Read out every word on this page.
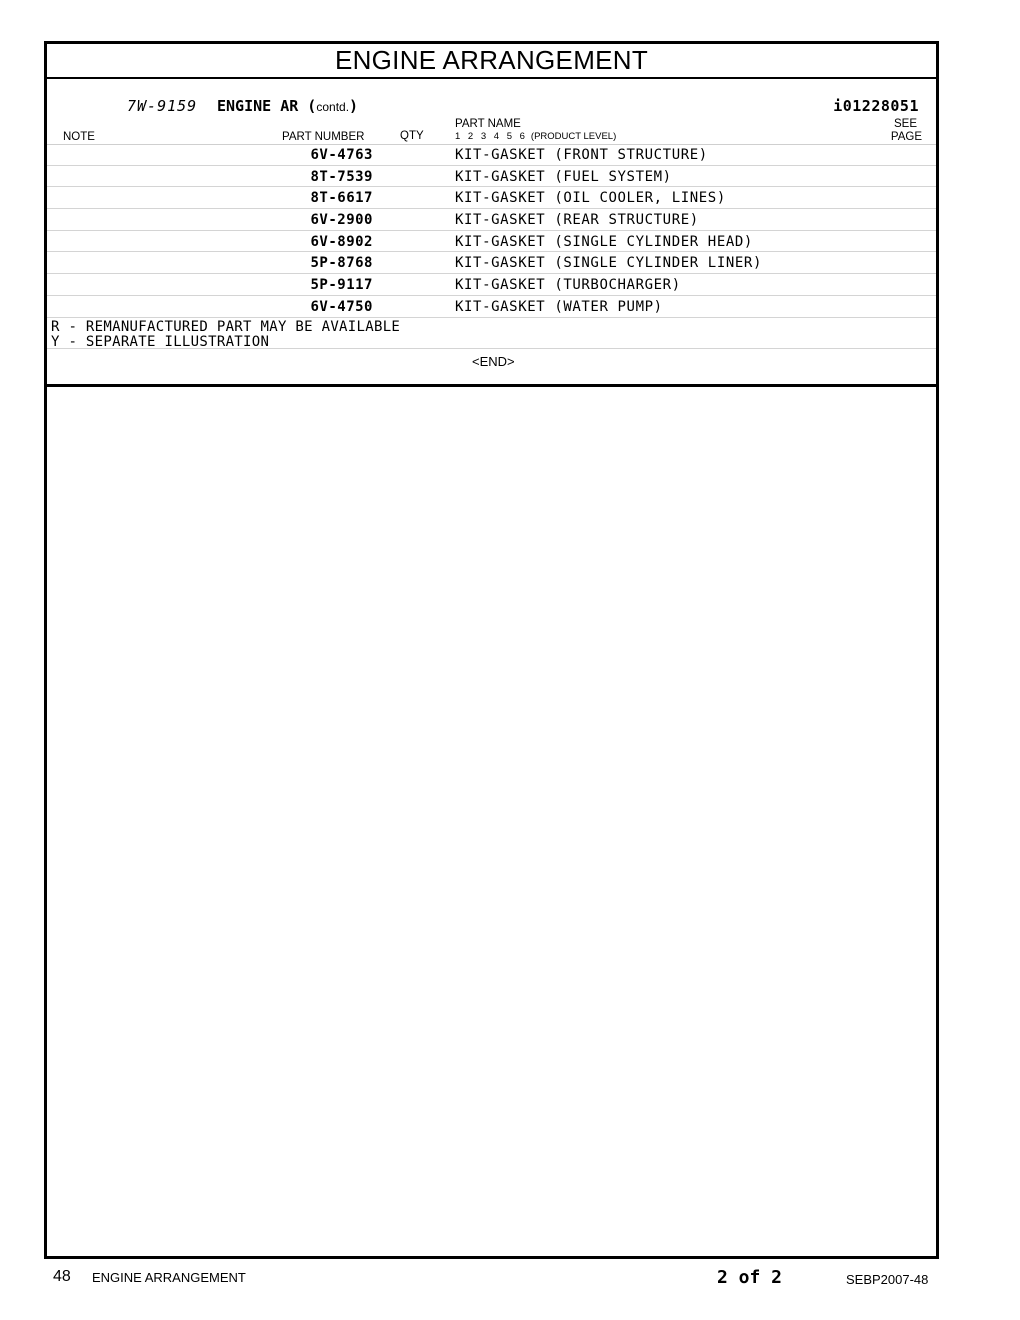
ENGINE ARRANGEMENT
7W-9159 ENGINE AR (contd.)	i01228051
NOTE	PART NUMBER	QTY
PART NAME
1 2 3 4 5 6 (PRODUCT LEVEL)
SEE
PAGE
6V-4763	KIT-GASKET (FRONT STRUCTURE)
8T-7539	KIT-GASKET (FUEL SYSTEM)
8T-6617	KIT-GASKET (OIL COOLER, LINES)
6V-2900	KIT-GASKET (REAR STRUCTURE)
6V-8902	KIT-GASKET (SINGLE CYLINDER HEAD)
5P-8768	KIT-GASKET (SINGLE CYLINDER LINER)
5P-9117	KIT-GASKET (TURBOCHARGER)
6V-4750	KIT-GASKET (WATER PUMP)
R - REMANUFACTURED PART MAY BE AVAILABLE
Y - SEPARATE ILLUSTRATION
<END>
48 ENGINE ARRANGEMENT	2 of 2	SEBP2007-48
